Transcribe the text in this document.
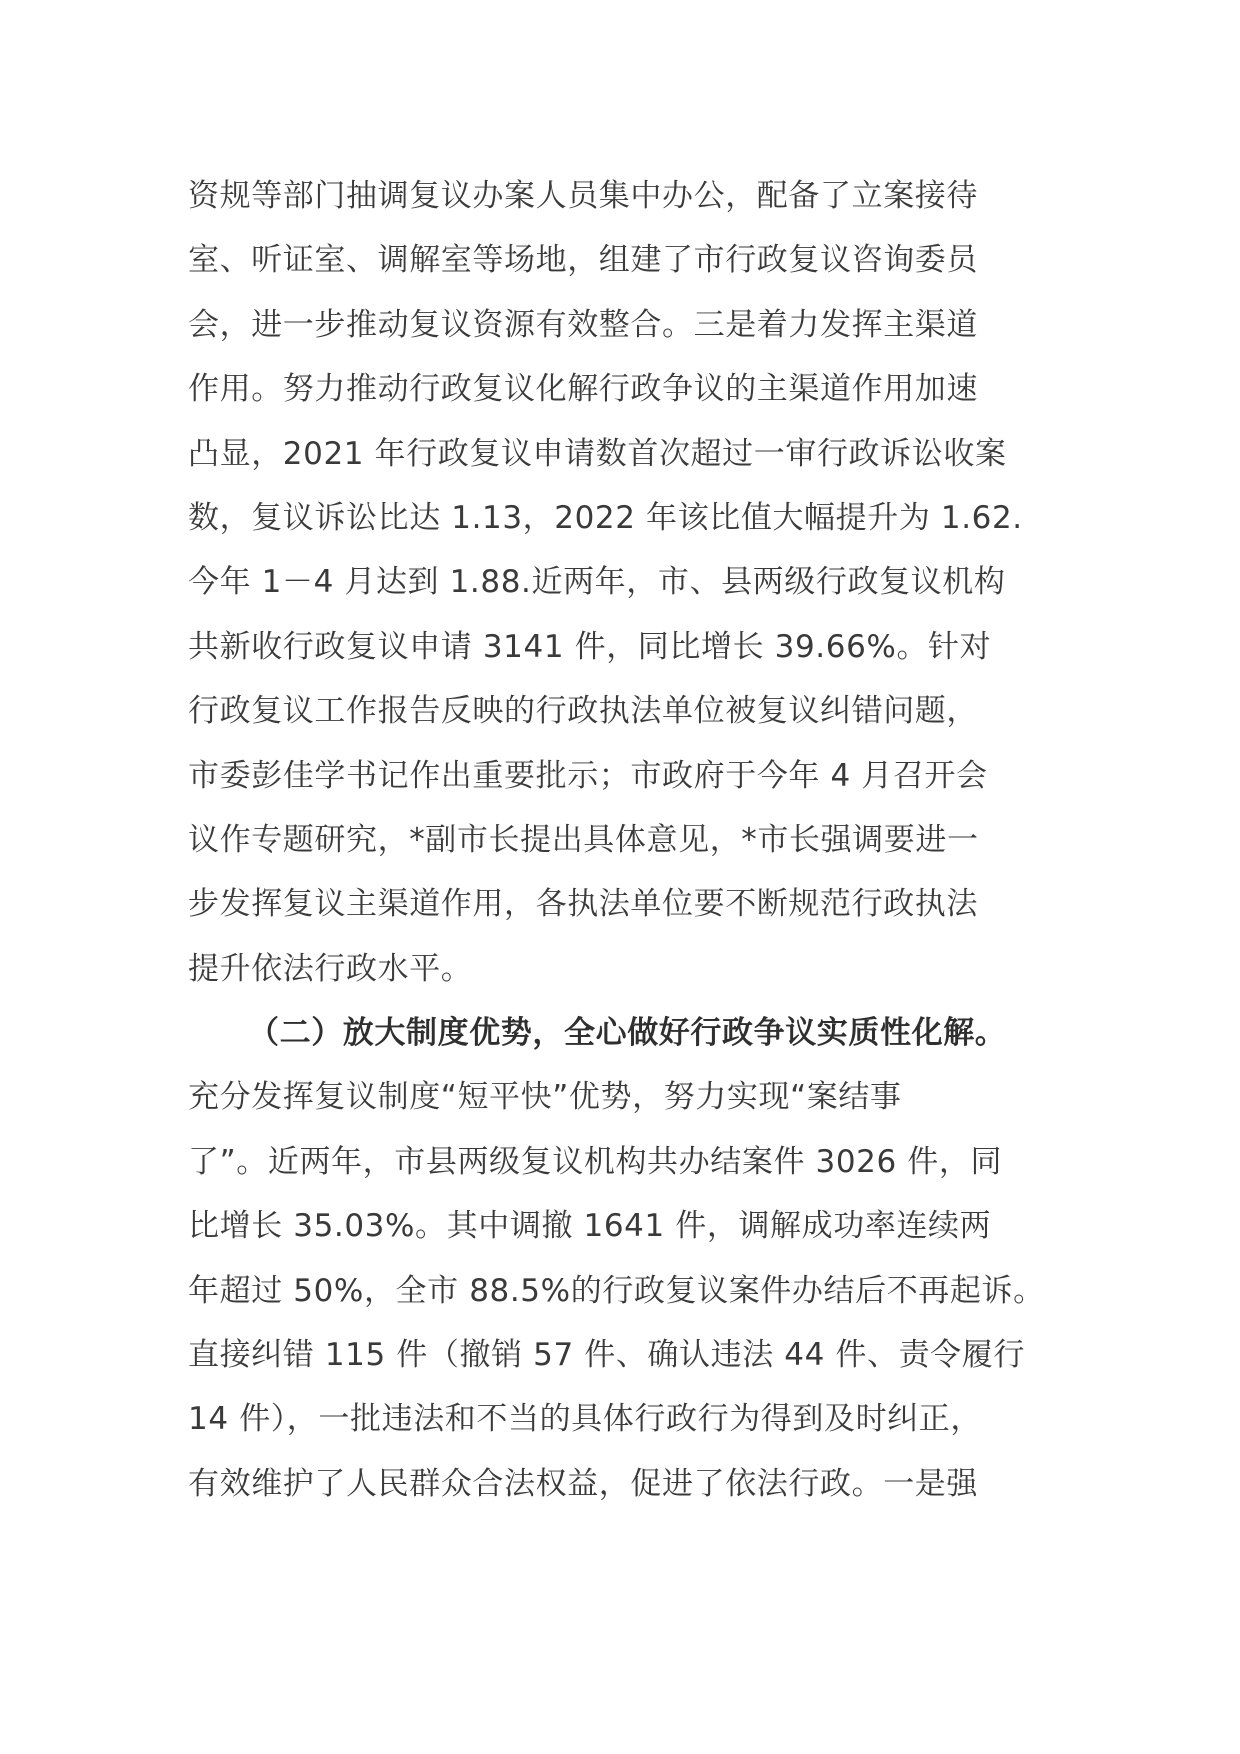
资规等部门抽调复议办案人员集中办公，配备了立案接待
室、听证室、调解室等场地，组建了市行政复议咨询委员
会，进一步推动复议资源有效整合。三是着力发挥主渠道
作用。努力推动行政复议化解行政争议的主渠道作用加速
凸显，2021 年行政复议申请数首次超过一审行政诉讼收案
数，复议诉讼比达 1.13，2022 年该比值大幅提升为 1.62.
今年 1－4 月达到 1.88.近两年，市、县两级行政复议机构
共新收行政复议申请 3141 件，同比增长 39.66%。针对
行政复议工作报告反映的行政执法单位被复议纠错问题，
市委彭佳学书记作出重要批示；市政府于今年 4 月召开会
议作专题研究，*副市长提出具体意见，*市长强调要进一
步发挥复议主渠道作用，各执法单位要不断规范行政执法
提升依法行政水平。
（二）放大制度优势，全心做好行政争议实质性化解。
充分发挥复议制度“短平快”优势，努力实现“案结事
了”。近两年，市县两级复议机构共办结案件 3026 件，同
比增长 35.03%。其中调撤 1641 件，调解成功率连续两
年超过 50%，全市 88.5%的行政复议案件办结后不再起诉。
直接纠错 115 件（撤销 57 件、确认违法 44 件、责令履行
14 件），一批违法和不当的具体行政行为得到及时纠正，
有效维护了人民群众合法权益，促进了依法行政。一是强
